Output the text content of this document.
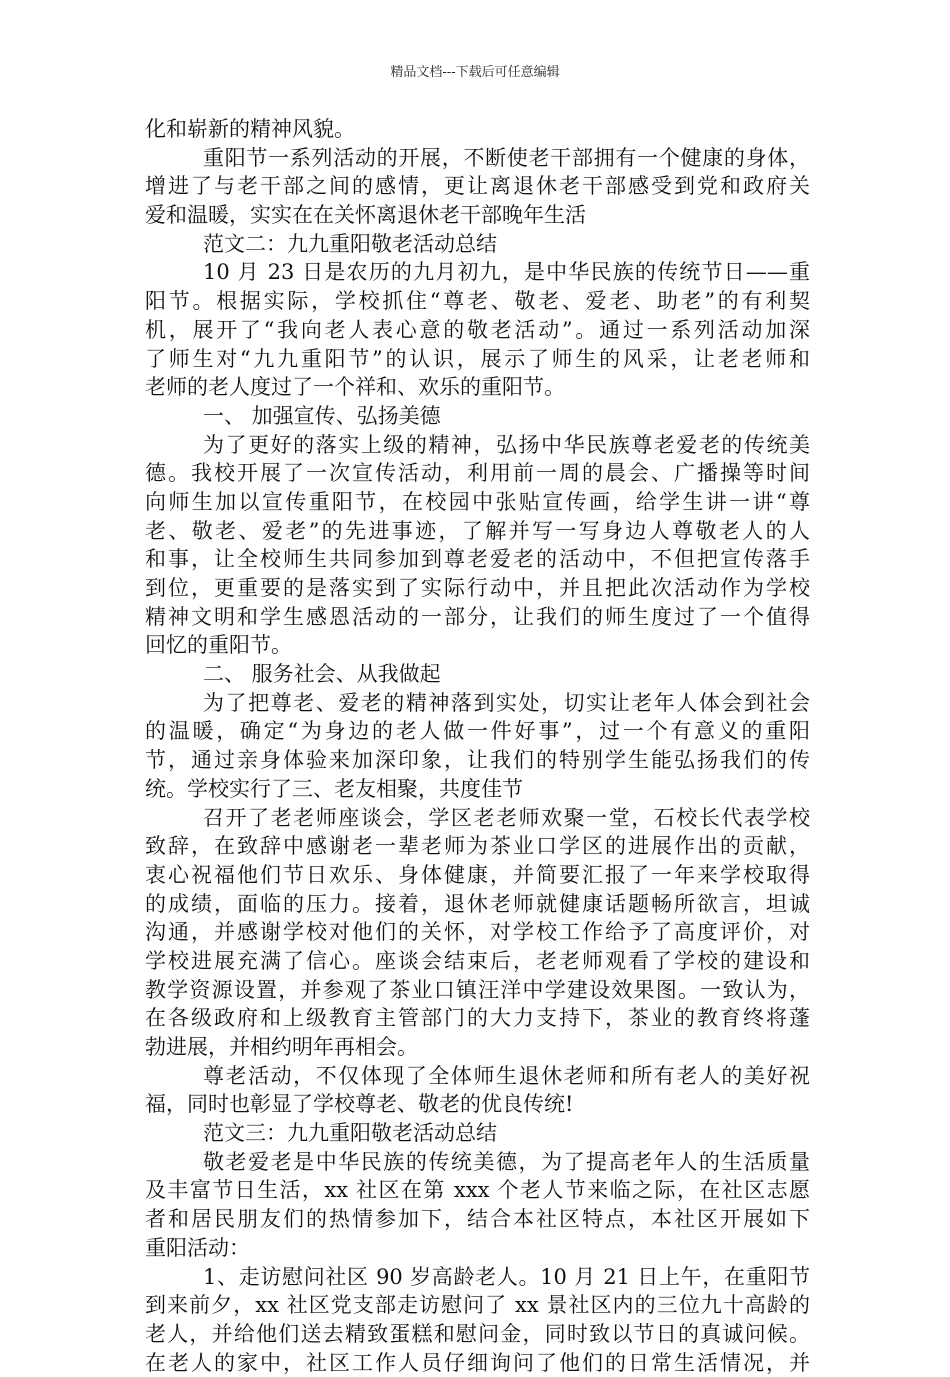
精品文档---下载后可任意编辑
化和崭新的精神风貌。
重阳节一系列活动的开展，不断使老干部拥有一个健康的身体，
增进了与老干部之间的感情，更让离退休老干部感受到党和政府关
爱和温暖，实实在在关怀离退休老干部晚年生活
范文二：九九重阳敬老活动总结
10 月 23 日是农历的九月初九，是中华民族的传统节日——重
阳节。根据实际，学校抓住“尊老、敬老、爱老、助老”的有利契
机，展开了“我向老人表心意的敬老活动”。通过一系列活动加深
了师生对“九九重阳节”的认识，展示了师生的风采，让老老师和
老师的老人度过了一个祥和、欢乐的重阳节。
一、 加强宣传、弘扬美德
为了更好的落实上级的精神，弘扬中华民族尊老爱老的传统美
德。我校开展了一次宣传活动，利用前一周的晨会、广播操等时间
向师生加以宣传重阳节，在校园中张贴宣传画，给学生讲一讲“尊
老、敬老、爱老”的先进事迹，了解并写一写身边人尊敬老人的人
和事，让全校师生共同参加到尊老爱老的活动中，不但把宣传落手
到位，更重要的是落实到了实际行动中，并且把此次活动作为学校
精神文明和学生感恩活动的一部分，让我们的师生度过了一个值得
回忆的重阳节。
二、 服务社会、从我做起
为了把尊老、爱老的精神落到实处，切实让老年人体会到社会
的温暖，确定“为身边的老人做一件好事”，过一个有意义的重阳
节，通过亲身体验来加深印象，让我们的特别学生能弘扬我们的传
统。学校实行了三、老友相聚，共度佳节
召开了老老师座谈会，学区老老师欢聚一堂，石校长代表学校
致辞，在致辞中感谢老一辈老师为茶业口学区的进展作出的贡献，
衷心祝福他们节日欢乐、身体健康，并简要汇报了一年来学校取得
的成绩，面临的压力。接着，退休老师就健康话题畅所欲言，坦诚
沟通，并感谢学校对他们的关怀，对学校工作给予了高度评价，对
学校进展充满了信心。座谈会结束后，老老师观看了学校的建设和
教学资源设置，并参观了茶业口镇汪洋中学建设效果图。一致认为，
在各级政府和上级教育主管部门的大力支持下，茶业的教育终将蓬
勃进展，并相约明年再相会。
尊老活动，不仅体现了全体师生退休老师和所有老人的美好祝
福，同时也彰显了学校尊老、敬老的优良传统!
范文三：九九重阳敬老活动总结
敬老爱老是中华民族的传统美德，为了提高老年人的生活质量
及丰富节日生活，xx 社区在第 xxx 个老人节来临之际，在社区志愿
者和居民朋友们的热情参加下，结合本社区特点，本社区开展如下
重阳活动：
1、走访慰问社区 90 岁高龄老人。10 月 21 日上午，在重阳节
到来前夕，xx 社区党支部走访慰问了 xx 景社区内的三位九十高龄的
老人，并给他们送去精致蛋糕和慰问金，同时致以节日的真诚问候。
在老人的家中，社区工作人员仔细询问了他们的日常生活情况，并
